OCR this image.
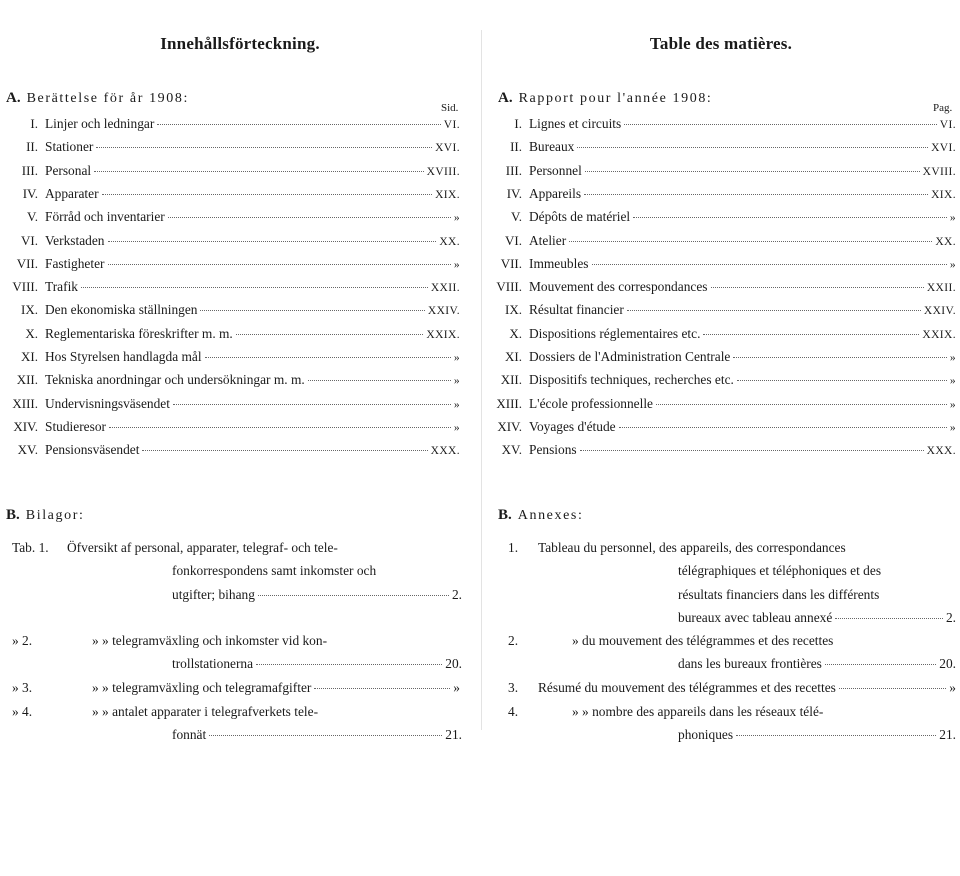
Innehållsförteckning.
A. Berättelse för år 1908:
Sid.
I. Linjer och ledningar	VI.
II. Stationer	XVI.
III. Personal	XVIII.
IV. Apparater	XIX.
V. Förråd och inventarier	»
VI. Verkstaden	XX.
VII. Fastigheter	»
VIII. Trafik	XXII.
IX. Den ekonomiska ställningen	XXIV.
X. Reglementariska föreskrifter m. m.	XXIX.
XI. Hos Styrelsen handlagda mål	»
XII. Tekniska anordningar och undersökningar m. m.	»
XIII. Undervisningsväsendet	»
XIV. Studieresor	»
XV. Pensionsväsendet	XXX.
B. Bilagor:
Tab. 1. Öfversikt af personal, apparater, telegraf- och tele-
fonkorrespondens samt inkomster och
utgifter; bihang	2.
» 2.	» » telegramväxling och inkomster vid kon-
trollstationerna	20.
» 3.	» » telegramväxling och telegramafgifter	»
» 4.	» » antalet apparater i telegrafverkets tele-
fonnät	21.
Table des matières.
A. Rapport pour l'année 1908:
Pag.
I. Lignes et circuits	VI.
II. Bureaux	XVI.
III. Personnel	XVIII.
IV. Appareils	XIX.
V. Dépôts de matériel	»
VI. Atelier	XX.
VII. Immeubles	»
VIII. Mouvement des correspondances	XXII.
IX. Résultat financier	XXIV.
X. Dispositions réglementaires etc.	XXIX.
XI. Dossiers de l'Administration Centrale	»
XII. Dispositifs techniques, recherches etc.	»
XIII. L'école professionnelle	»
XIV. Voyages d'étude	»
XV. Pensions	XXX.
B. Annexes:
1. Tableau du personnel, des appareils, des correspondances
télégraphiques et téléphoniques et des
résultats financiers dans les différents
bureaux avec tableau annexé	2.
2.	» du mouvement des télégrammes et des recettes
dans les bureaux frontières	20.
3. Résumé du mouvement des télégrammes et des recettes	»
4.	» » nombre des appareils dans les réseaux télé-
phoniques	21.
